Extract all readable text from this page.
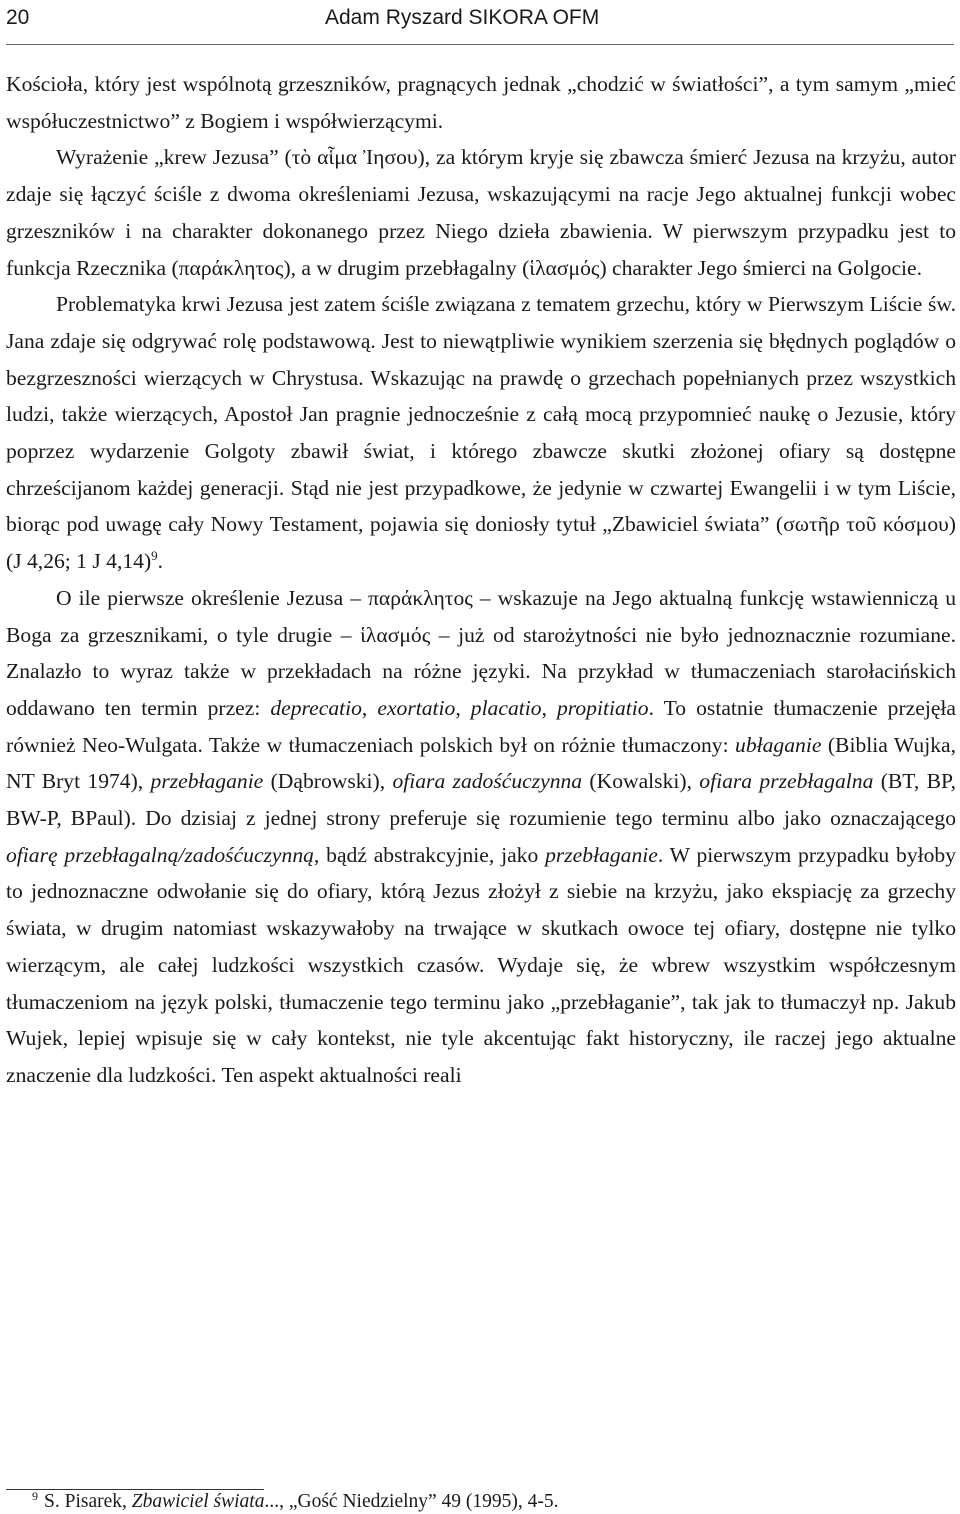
20	Adam Ryszard SIKORA OFM

Kościoła, który jest wspólnotą grzeszników, pragnących jednak „chodzić w światłości”, a tym samym „mieć współuczestnictwo” z Bogiem i współwierzącymi.

Wyrażenie „krew Jezusa” (τὸ αἷμα Ἰησου), za którym kryje się zbawcza śmierć Jezusa na krzyżu, autor zdaje się łączyć ściśle z dwoma określeniami Jezusa, wskazującymi na racje Jego aktualnej funkcji wobec grzeszników i na charakter dokonanego przez Niego dzieła zbawienia. W pierwszym przypadku jest to funkcja Rzecznika (παράκλητος), a w drugim przebłagalny (ἱλασμός) charakter Jego śmierci na Golgocie.

Problematyka krwi Jezusa jest zatem ściśle związana z tematem grzechu, który w Pierwszym Liście św. Jana zdaje się odgrywać rolę podstawową. Jest to niewątpliwie wynikiem szerzenia się błędnych poglądów o bezgrzeszności wierzących w Chrystusa. Wskazując na prawdę o grzechach popełnianych przez wszystkich ludzi, także wierzących, Apostoł Jan pragnie jednocześnie z całą mocą przypomnieć naukę o Jezusie, który poprzez wydarzenie Golgoty zbawił świat, i którego zbawcze skutki złożonej ofiary są dostępne chrześcijanom każdej generacji. Stąd nie jest przypadkowe, że jedynie w czwartej Ewangelii i w tym Liście, biorąc pod uwagę cały Nowy Testament, pojawia się doniosły tytuł „Zbawiciel świata” (σωτῆρ τοῦ κόσμου) (J 4,26; 1 J 4,14)$^9$.

O ile pierwsze określenie Jezusa – παράκλητος – wskazuje na Jego aktualną funkcję wstawienniczą u Boga za grzesznikami, o tyle drugie – ἱλασμός – już od starożytności nie było jednoznacznie rozumiane. Znalazło to wyraz także w przekładach na różne języki. Na przykład w tłumaczeniach starołacińskich oddawano ten termin przez: deprecatio, exortatio, placatio, propitiatio. To ostatnie tłumaczenie przejęła również Neo-Wulgata. Także w tłumaczeniach polskich był on różnie tłumaczony: ubłaganie (Biblia Wujka, NT Bryt 1974), przebłaganie (Dąbrowski), ofiara zadośćuczynna (Kowalski), ofiara przebłagalna (BT, BP, BW-P, BPaul). Do dzisiaj z jednej strony preferuje się rozumienie tego terminu albo jako oznaczającego ofiarę przebłagalną/zadośćuczynną, bądź abstrakcyjnie, jako przebłaganie. W pierwszym przypadku byłoby to jednoznaczne odwołanie się do ofiary, którą Jezus złożył z siebie na krzyżu, jako ekspiację za grzechy świata, w drugim natomiast wskazywałoby na trwające w skutkach owoce tej ofiary, dostępne nie tylko wierzącym, ale całej ludzkości wszystkich czasów. Wydaje się, że wbrew wszystkim współczesnym tłumaczeniom na język polski, tłumaczenie tego terminu jako „przebłaganie”, tak jak to tłumaczył np. Jakub Wujek, lepiej wpisuje się w cały kontekst, nie tyle akcentując fakt historyczny, ile raczej jego aktualne znaczenie dla ludzkości. Ten aspekt aktualności reali

$^9$ S. Pisarek, Zbawiciel świata..., „Gość Niedzielny” 49 (1995), 4-5.
